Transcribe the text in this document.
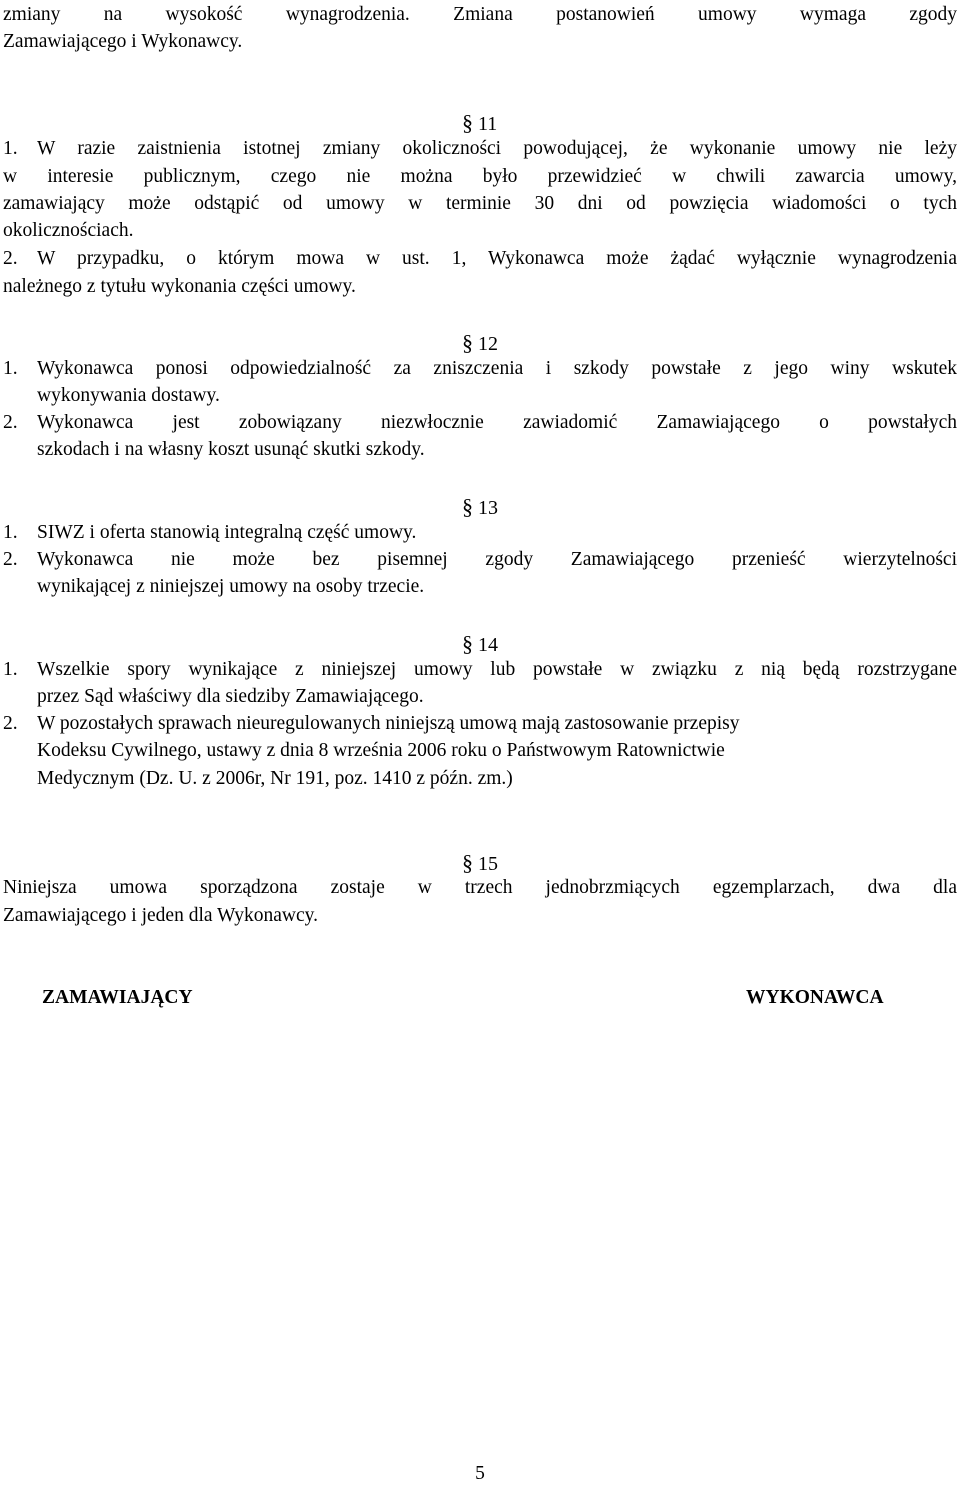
zmiany na wysokość wynagrodzenia. Zmiana postanowień umowy wymaga zgody
Zamawiającego i Wykonawcy.
§ 11
1. W razie zaistnienia istotnej zmiany okoliczności powodującej, że wykonanie umowy nie leży
w interesie publicznym, czego nie można było przewidzieć w chwili zawarcia umowy,
zamawiający może odstąpić od umowy w terminie 30 dni od powzięcia wiadomości o tych
okolicznościach.
2. W przypadku, o którym mowa w ust. 1, Wykonawca może żądać wyłącznie wynagrodzenia
należnego z tytułu wykonania części umowy.
§ 12
1. Wykonawca ponosi odpowiedzialność za zniszczenia i szkody powstałe z jego winy wskutek
wykonywania dostawy.
2. Wykonawca jest zobowiązany niezwłocznie zawiadomić Zamawiającego o powstałych
szkodach i na własny koszt usunąć skutki szkody.
§ 13
1. SIWZ i oferta stanowią integralną część umowy.
2. Wykonawca nie może bez pisemnej zgody Zamawiającego przenieść wierzytelności
wynikającej z niniejszej umowy na osoby trzecie.
§ 14
1. Wszelkie spory wynikające z niniejszej umowy lub powstałe w związku z nią będą rozstrzygane
przez Sąd właściwy dla siedziby Zamawiającego.
2. W pozostałych sprawach nieuregulowanych niniejszą umową mają zastosowanie przepisy
Kodeksu Cywilnego, ustawy z dnia 8 września 2006 roku o Państwowym Ratownictwie
Medycznym (Dz. U. z 2006r, Nr 191, poz. 1410 z późn. zm.)
§ 15
Niniejsza umowa sporządzona zostaje w trzech jednobrzmiących egzemplarzach, dwa dla
Zamawiającego i jeden dla Wykonawcy.
ZAMAWIAJĄCY	WYKONAWCA
5
